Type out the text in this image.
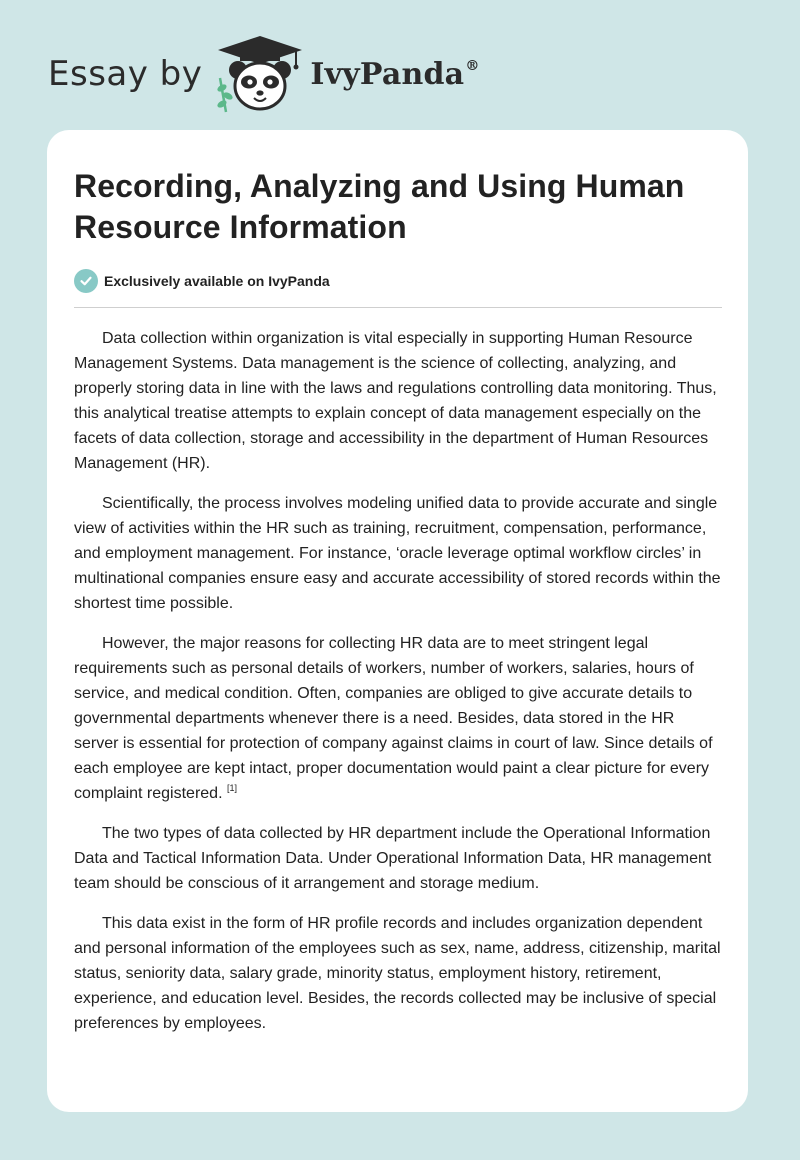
Essay by	IvyPanda®
Recording, Analyzing and Using Human Resource Information
Exclusively available on IvyPanda

Data collection within organization is vital especially in supporting Human Resource Management Systems. Data management is the science of collecting, analyzing, and properly storing data in line with the laws and regulations controlling data monitoring. Thus, this analytical treatise attempts to explain concept of data management especially on the facets of data collection, storage and accessibility in the department of Human Resources Management (HR).

Scientifically, the process involves modeling unified data to provide accurate and single view of activities within the HR such as training, recruitment, compensation, performance, and employment management. For instance, ‘oracle leverage optimal workflow circles’ in multinational companies ensure easy and accurate accessibility of stored records within the shortest time possible.

However, the major reasons for collecting HR data are to meet stringent legal requirements such as personal details of workers, number of workers, salaries, hours of service, and medical condition. Often, companies are obliged to give accurate details to governmental departments whenever there is a need. Besides, data stored in the HR server is essential for protection of company against claims in court of law. Since details of each employee are kept intact, proper documentation would paint a clear picture for every complaint registered. [1]

The two types of data collected by HR department include the Operational Information Data and Tactical Information Data. Under Operational Information Data, HR management team should be conscious of it arrangement and storage medium.

This data exist in the form of HR profile records and includes organization dependent and personal information of the employees such as sex, name, address, citizenship, marital status, seniority data, salary grade, minority status, employment history, retirement, experience, and education level. Besides, the records collected may be inclusive of special preferences by employees.
